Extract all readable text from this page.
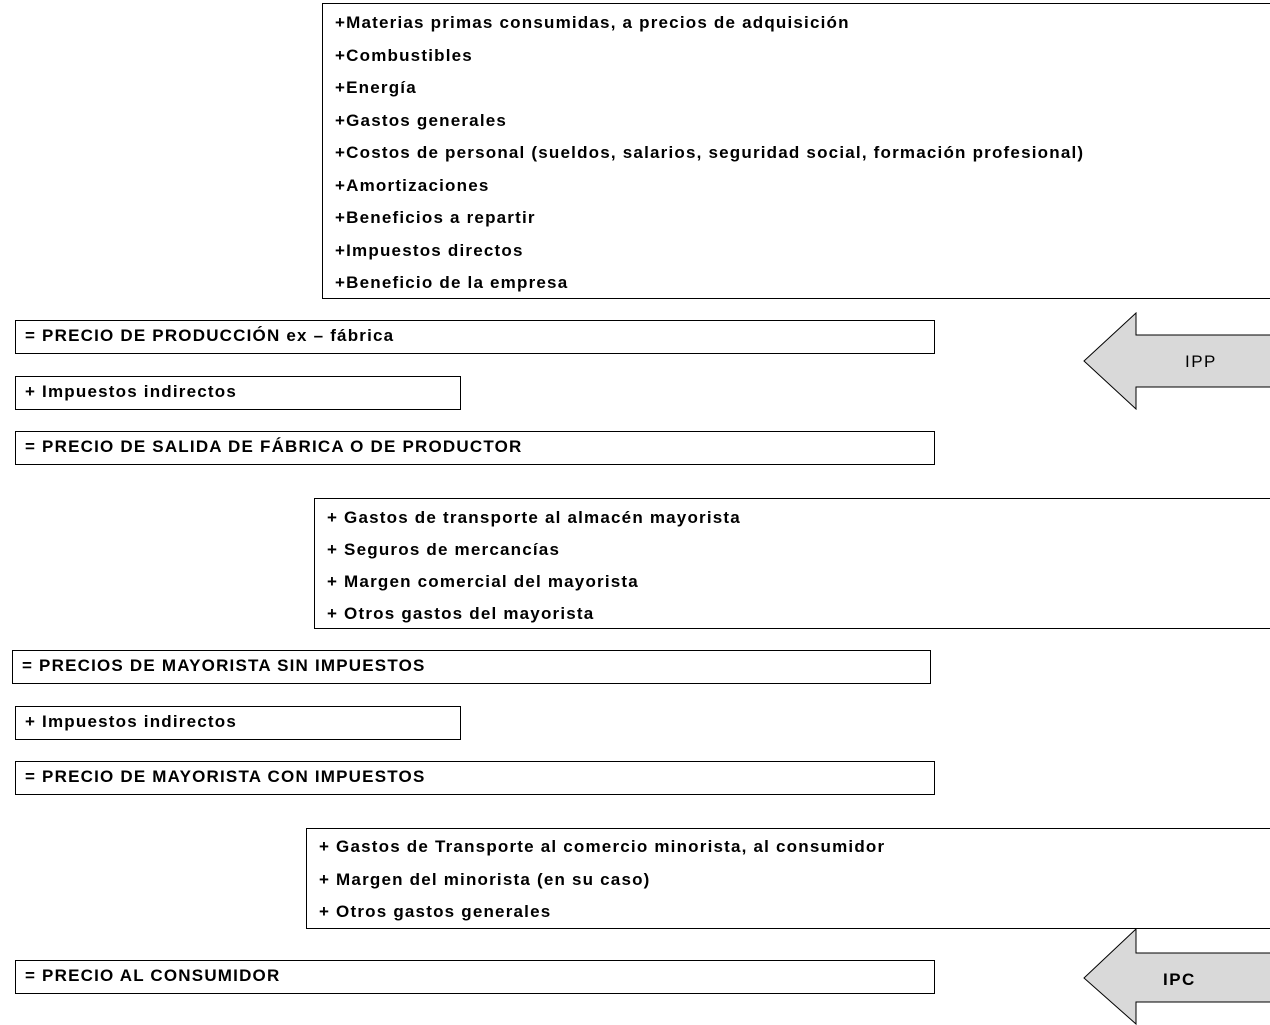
+Materias primas consumidas, a precios de adquisición
+Combustibles
+Energía
+Gastos generales
+Costos de personal (sueldos, salarios, seguridad social, formación profesional)
+Amortizaciones
+Beneficios a repartir
+Impuestos directos
+Beneficio de la empresa
= PRECIO DE PRODUCCIÓN ex – fábrica
+ Impuestos indirectos
= PRECIO DE SALIDA DE FÁBRICA O DE PRODUCTOR
+ Gastos de transporte al almacén mayorista
+ Seguros de mercancías
+ Margen comercial del mayorista
+ Otros gastos del mayorista
= PRECIOS DE MAYORISTA SIN IMPUESTOS
+ Impuestos indirectos
= PRECIO DE MAYORISTA CON IMPUESTOS
+ Gastos de Transporte al comercio minorista, al consumidor
+ Margen del minorista (en su caso)
+ Otros gastos generales
= PRECIO AL CONSUMIDOR
IPP
IPC
